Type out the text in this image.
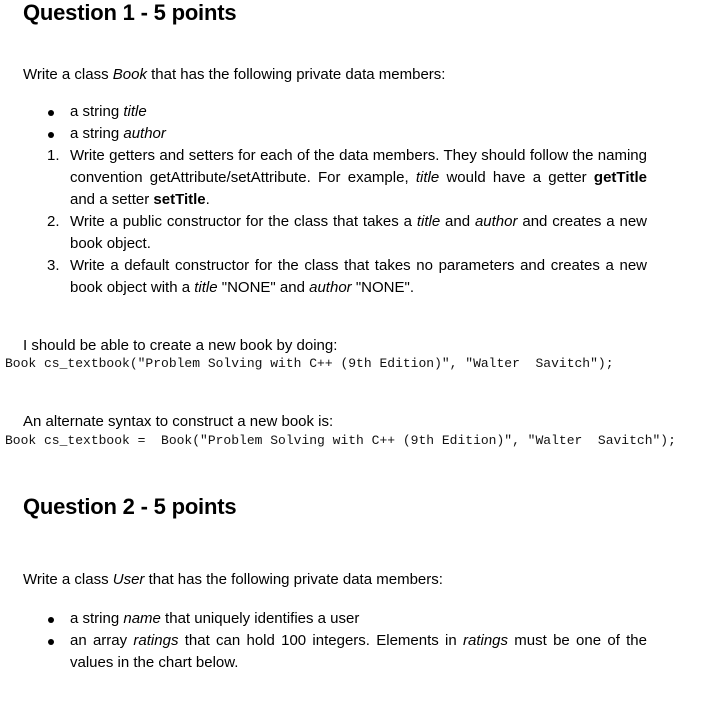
Question 1 - 5 points
Write a class Book that has the following private data members:
a string title
a string author
1. Write getters and setters for each of the data members. They should follow the naming convention getAttribute/setAttribute. For example, title would have a getter getTitle and a setter setTitle.
2. Write a public constructor for the class that takes a title and author and creates a new book object.
3. Write a default constructor for the class that takes no parameters and creates a new book object with a title "NONE" and author "NONE".
I should be able to create a new book by doing:
Book cs_textbook("Problem Solving with C++ (9th Edition)", "Walter  Savitch");
An alternate syntax to construct a new book is:
Book cs_textbook =  Book("Problem Solving with C++ (9th Edition)", "Walter  Savitch");
Question 2 - 5 points
Write a class User that has the following private data members:
a string name that uniquely identifies a user
an array ratings that can hold 100 integers. Elements in ratings must be one of the values in the chart below.
